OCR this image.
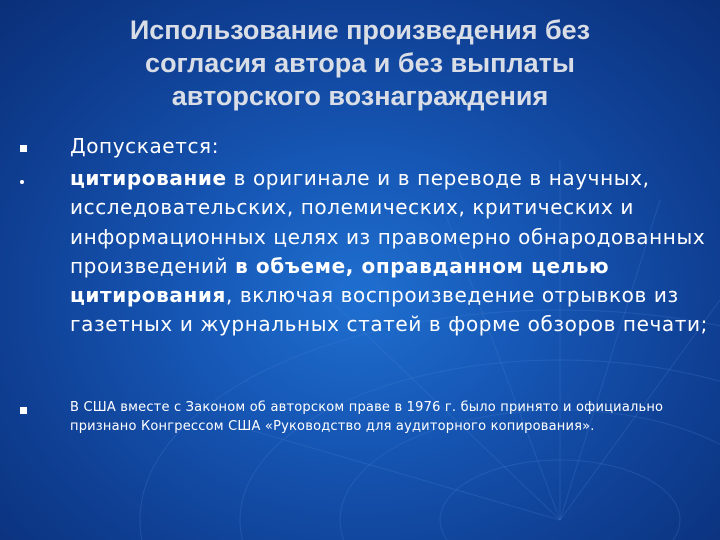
Использование произведения без
согласия автора и без выплаты
авторского вознаграждения
Допускается:
цитирование в оригинале и в переводе в научных, исследовательских, полемических, критических и информационных целях из правомерно обнародованных произведений в объеме, оправданном целью цитирования, включая воспроизведение отрывков из газетных и журнальных статей в форме обзоров печати;
В США вместе с Законом об авторском праве в 1976 г. было принято и официально признано Конгрессом США «Руководство для аудиторного копирования».
